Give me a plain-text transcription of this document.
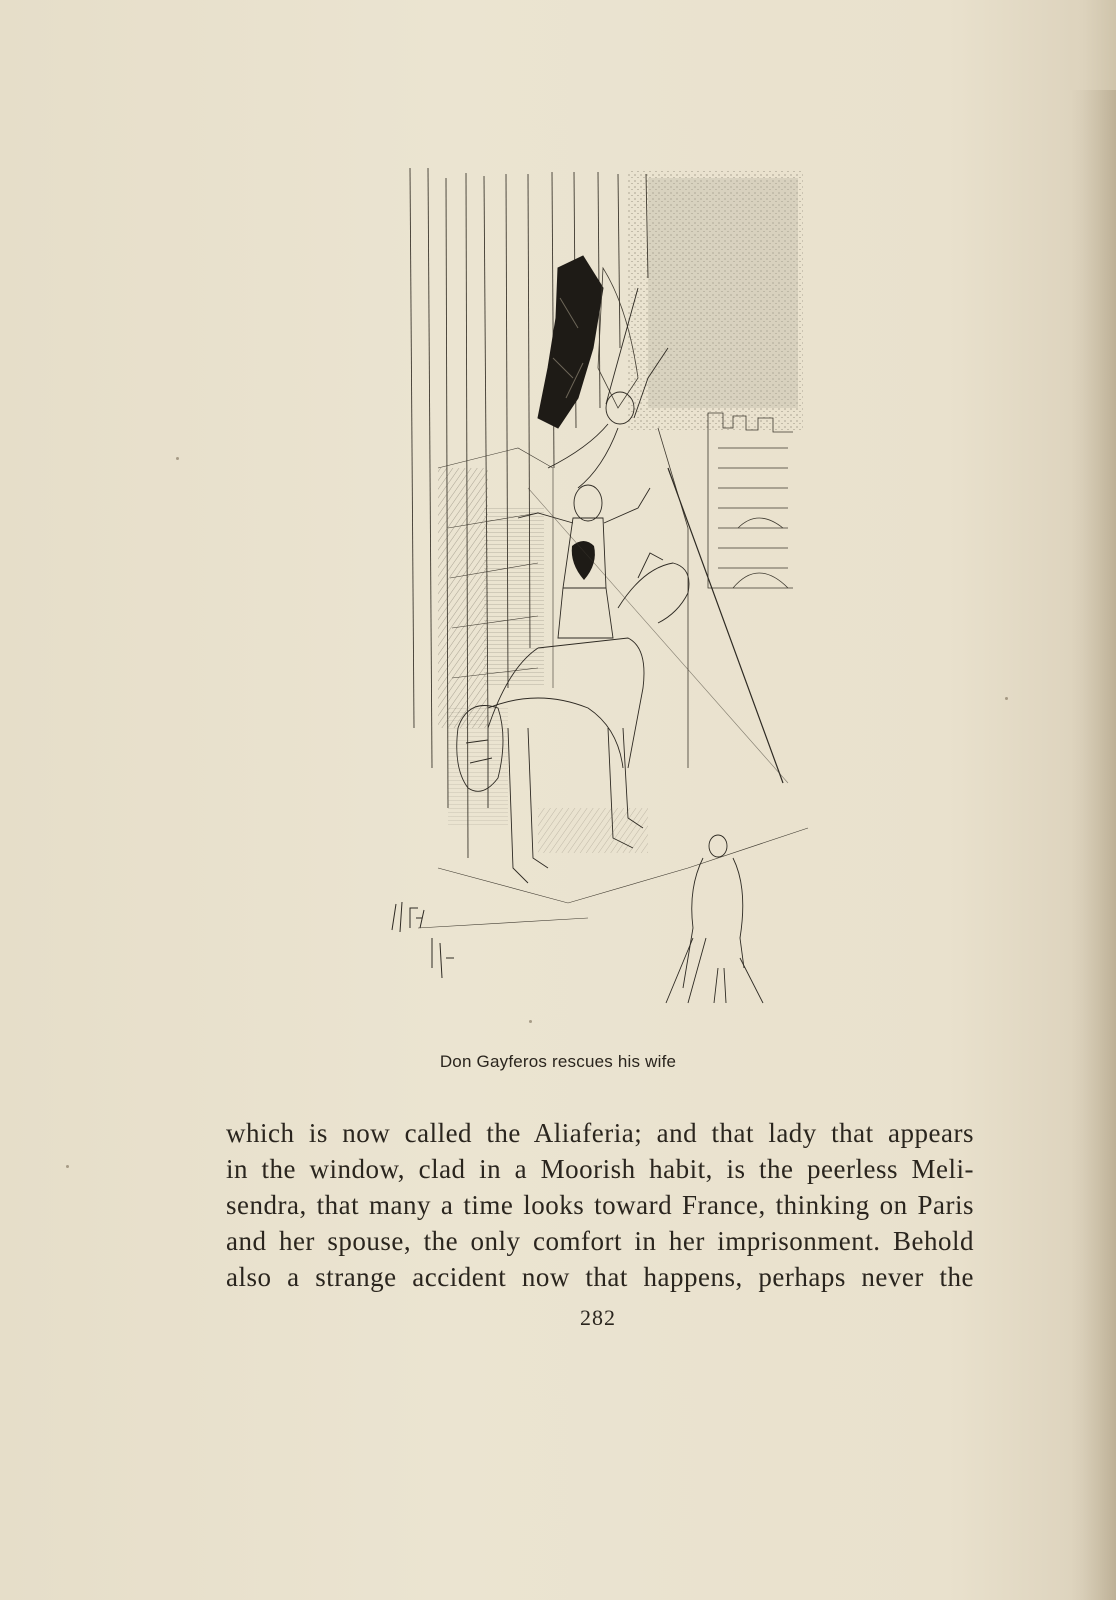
Don Gayferos rescues his wife
which is now called the Aliaferia; and that lady that appears
in the window, clad in a Moorish habit, is the peerless Meli-
sendra, that many a time looks toward France, thinking on Paris
and her spouse, the only comfort in her imprisonment. Behold
also a strange accident now that happens, perhaps never the
282
